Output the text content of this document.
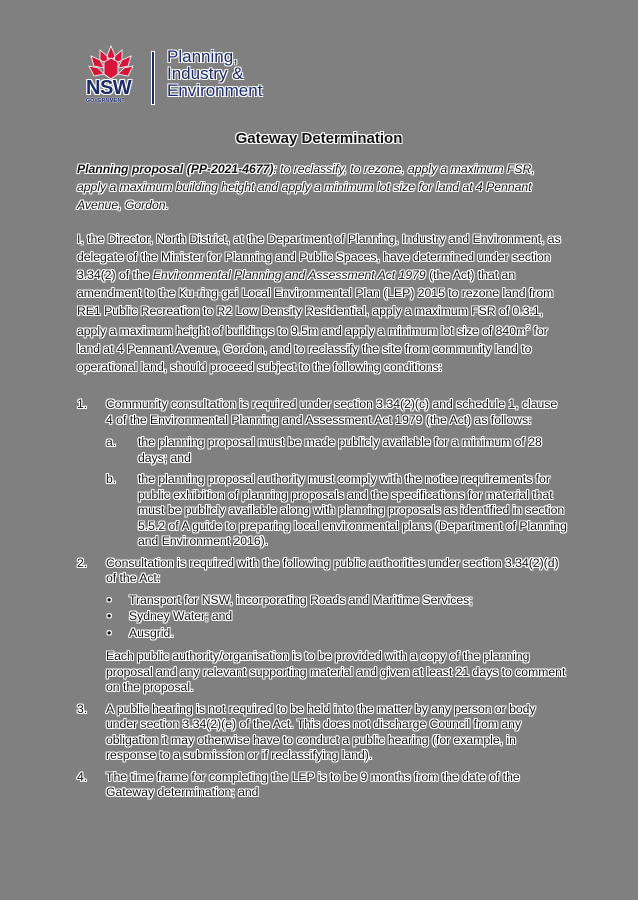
NSW
GOVERNMENT
Planning,
Industry &
Environment
Gateway Determination
Planning proposal (PP-2021-4677): to reclassify, to rezone, apply a maximum FSR, apply a maximum building height and apply a minimum lot size for land at 4 Pennant Avenue, Gordon.
I, the Director, North District, at the Department of Planning, Industry and Environment, as delegate of the Minister for Planning and Public Spaces, have determined under section 3.34(2) of the Environmental Planning and Assessment Act 1979 (the Act) that an amendment to the Ku-ring-gai Local Environmental Plan (LEP) 2015 to rezone land from RE1 Public Recreation to R2 Low Density Residential, apply a maximum FSR of 0.3:1, apply a maximum height of buildings to 9.5m and apply a minimum lot size of $840m^2$ for land at 4 Pennant Avenue, Gordon, and to reclassify the site from community land to operational land, should proceed subject to the following conditions:
1. Community consultation is required under section 3.34(2)(c) and schedule 1, clause 4 of the Environmental Planning and Assessment Act 1979 (the Act) as follows:

a. the planning proposal must be made publicly available for a minimum of 28 days; and
b. the planning proposal authority must comply with the notice requirements for public exhibition of planning proposals and the specifications for material that must be publicly available along with planning proposals as identified in section 5.5.2 of A guide to preparing local environmental plans (Department of Planning and Environment 2016).
2. Consultation is required with the following public authorities under section 3.34(2)(d) of the Act:

• Transport for NSW, incorporating Roads and Maritime Services;
• Sydney Water; and
• Ausgrid.

Each public authority/organisation is to be provided with a copy of the planning proposal and any relevant supporting material and given at least 21 days to comment on the proposal.

3. A public hearing is not required to be held into the matter by any person or body under section 3.34(2)(e) of the Act. This does not discharge Council from any obligation it may otherwise have to conduct a public hearing (for example, in response to a submission or if reclassifying land).

4. The time frame for completing the LEP is to be 9 months from the date of the Gateway determination; and
